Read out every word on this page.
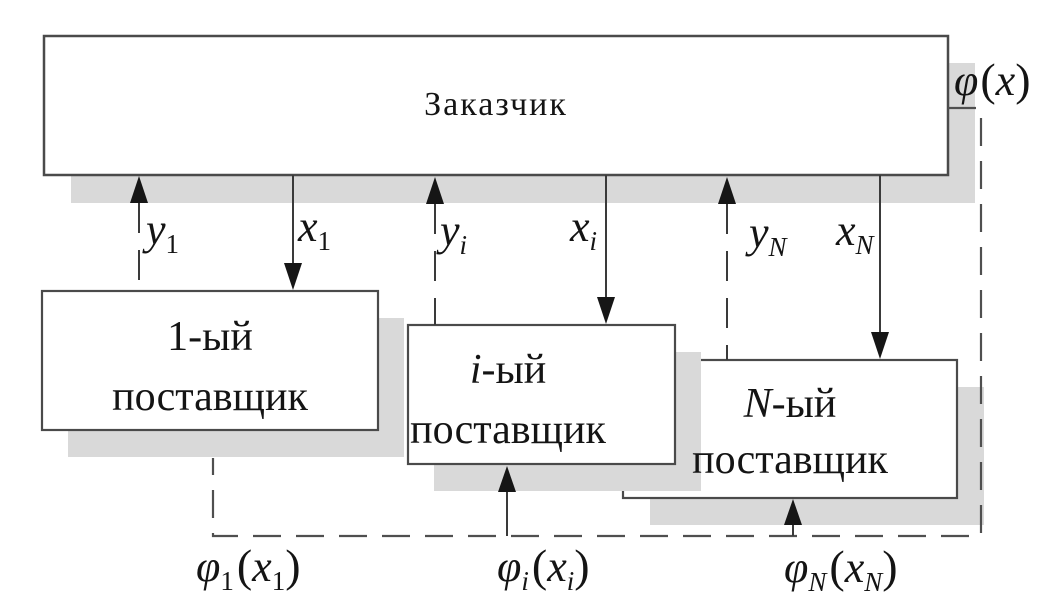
Заказчик
1-ый
поставщик
i-ый
поставщик
N-ый
поставщик
$y_1$	$x_1$ $y_i$ $x_i$	$y_N$ $x_N$
φ(x)
$\varphi_1(x_1)$	$\varphi_i(x_i)$	$\varphi_N(x_N)$
